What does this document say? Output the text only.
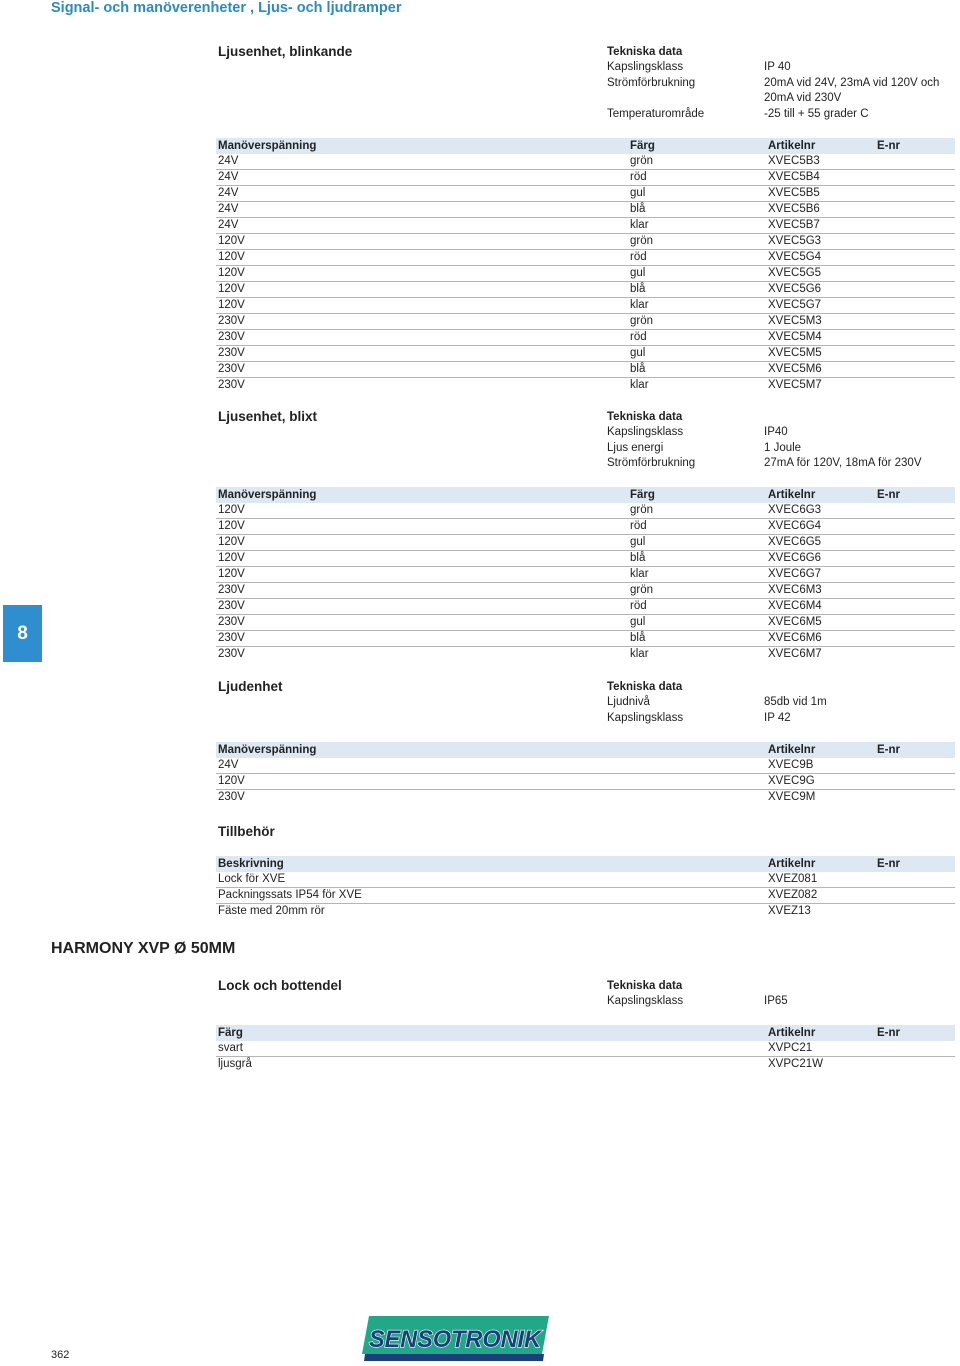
Signal- och manöverenheter , Ljus- och ljudramper
Ljusenhet, blinkande	Tekniska data
Kapslingsklass	IP 40
Strömförbrukning	20mA vid 24V, 23mA vid 120V och
20mA vid 230V
Temperaturområde	-25 till + 55 grader C
Manöverspänning	Färg	Artikelnr	E-nr
24V	grön	XVEC5B3	
24V	röd	XVEC5B4	
24V	gul	XVEC5B5	
24V	blå	XVEC5B6	
24V	klar	XVEC5B7	
120V	grön	XVEC5G3	
120V	röd	XVEC5G4	
120V	gul	XVEC5G5	
120V	blå	XVEC5G6	
120V	klar	XVEC5G7	
230V	grön	XVEC5M3	
230V	röd	XVEC5M4	
230V	gul	XVEC5M5	
230V	blå	XVEC5M6	
230V	klar	XVEC5M7	
Ljusenhet, blixt	Tekniska data
Kapslingsklass	IP40
Ljus energi	1 Joule
Strömförbrukning	27mA för 120V, 18mA för 230V
Manöverspänning	Färg	Artikelnr	E-nr
120V	grön	XVEC6G3	
120V	röd	XVEC6G4	
120V	gul	XVEC6G5	
120V	blå	XVEC6G6	
120V	klar	XVEC6G7	
230V	grön	XVEC6M3	
230V	röd	XVEC6M4	
230V	gul	XVEC6M5	
230V	blå	XVEC6M6	
230V	klar	XVEC6M7	
8
Ljudenhet	Tekniska data
Ljudnivå	85db vid 1m
Kapslingsklass	IP 42
Manöverspänning		Artikelnr	E-nr
24V		XVEC9B	
120V		XVEC9G	
230V		XVEC9M	
Tillbehör
Beskrivning		Artikelnr	E-nr
Lock för XVE		XVEZ081	
Packningssats IP54 för XVE		XVEZ082	
Fäste med 20mm rör		XVEZ13	
HARMONY XVP Ø 50MM
Lock och bottendel	Tekniska data
Kapslingsklass	IP65
Färg		Artikelnr	E-nr
svart		XVPC21	
ljusgrå		XVPC21W	
362
SENSOTRONIK
